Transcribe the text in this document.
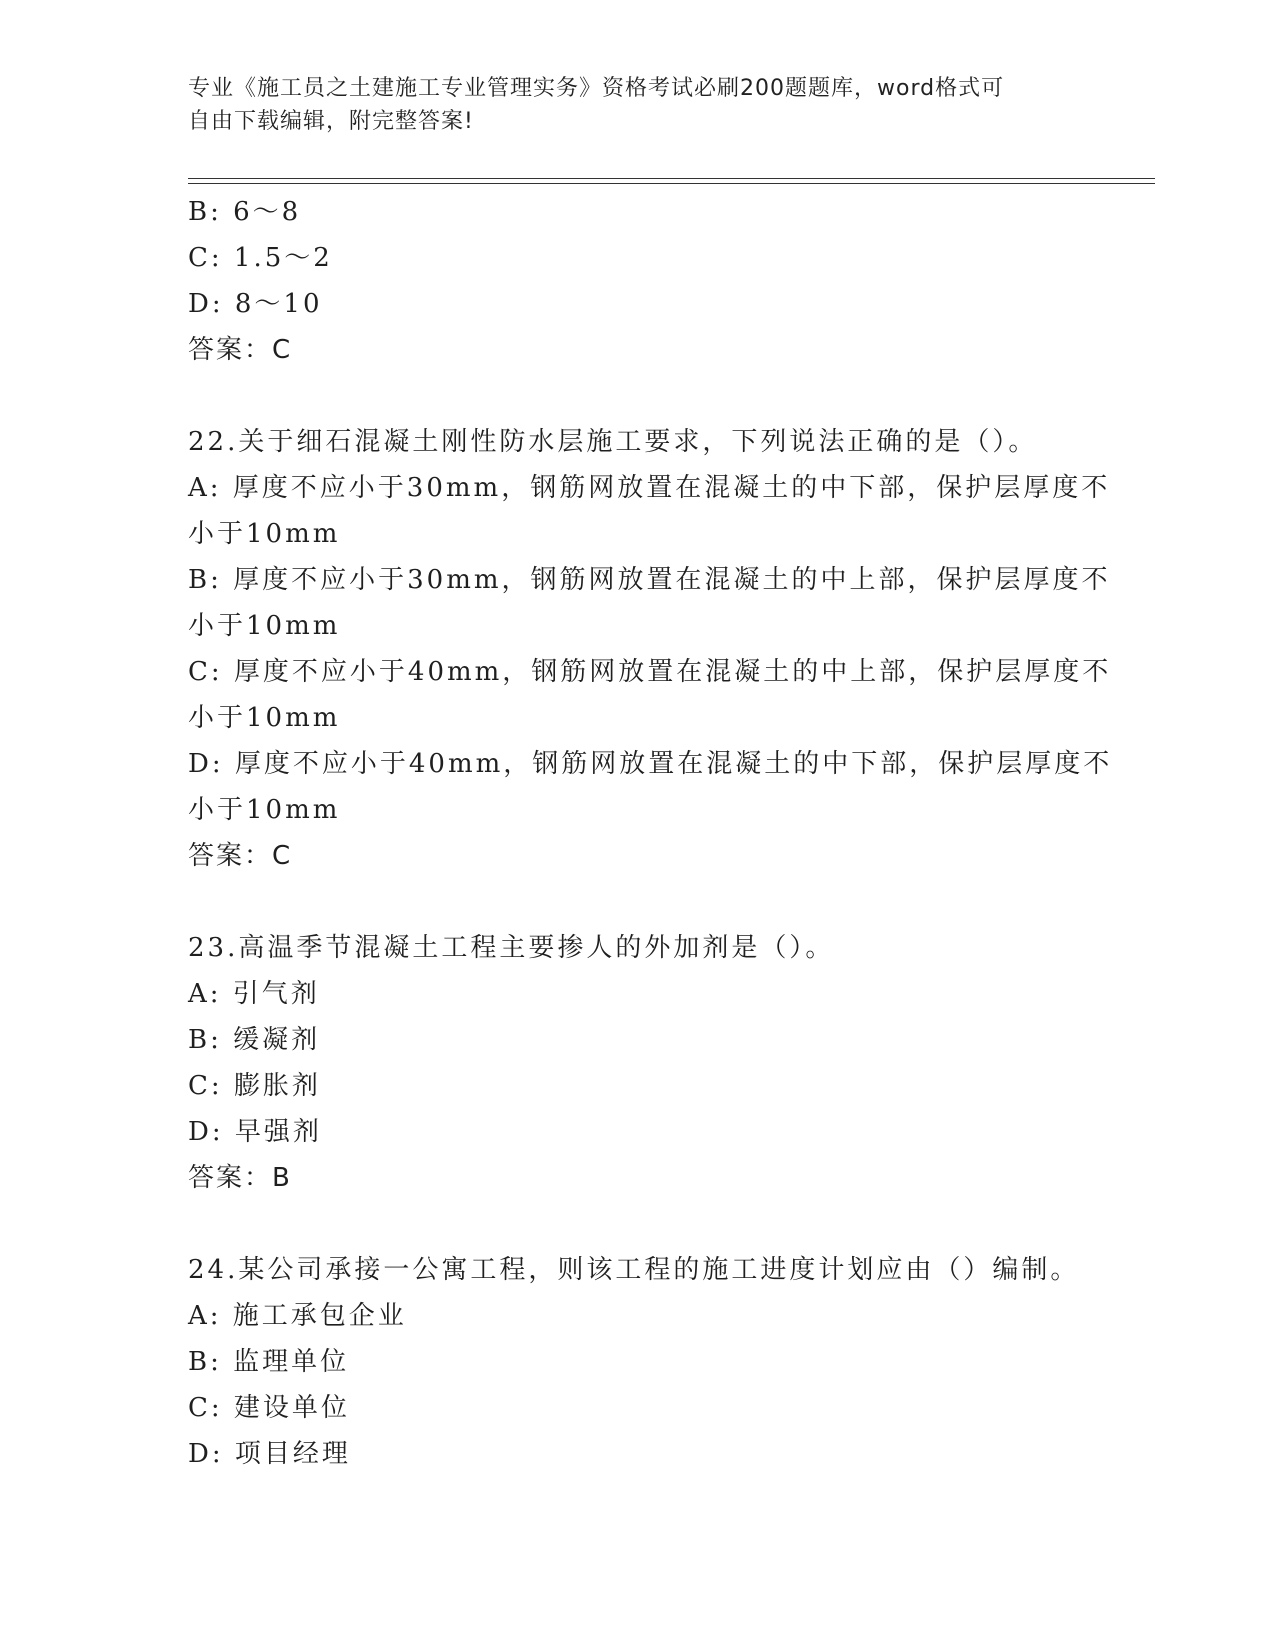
专业《施工员之土建施工专业管理实务》资格考试必刷200题题库，word格式可
自由下载编辑，附完整答案!
B: 6～8
C: 1.5～2
D: 8～10
答案：C
22.关于细石混凝土刚性防水层施工要求，下列说法正确的是（）。
A: 厚度不应小于30mm，钢筋网放置在混凝土的中下部，保护层厚度不
小于10mm
B: 厚度不应小于30mm，钢筋网放置在混凝土的中上部，保护层厚度不
小于10mm
C: 厚度不应小于40mm，钢筋网放置在混凝土的中上部，保护层厚度不
小于10mm
D: 厚度不应小于40mm，钢筋网放置在混凝土的中下部，保护层厚度不
小于10mm
答案：C
23.高温季节混凝土工程主要掺人的外加剂是（）。
A: 引气剂
B: 缓凝剂
C: 膨胀剂
D: 早强剂
答案：B
24.某公司承接一公寓工程，则该工程的施工进度计划应由（）编制。
A: 施工承包企业
B: 监理单位
C: 建设单位
D: 项目经理
